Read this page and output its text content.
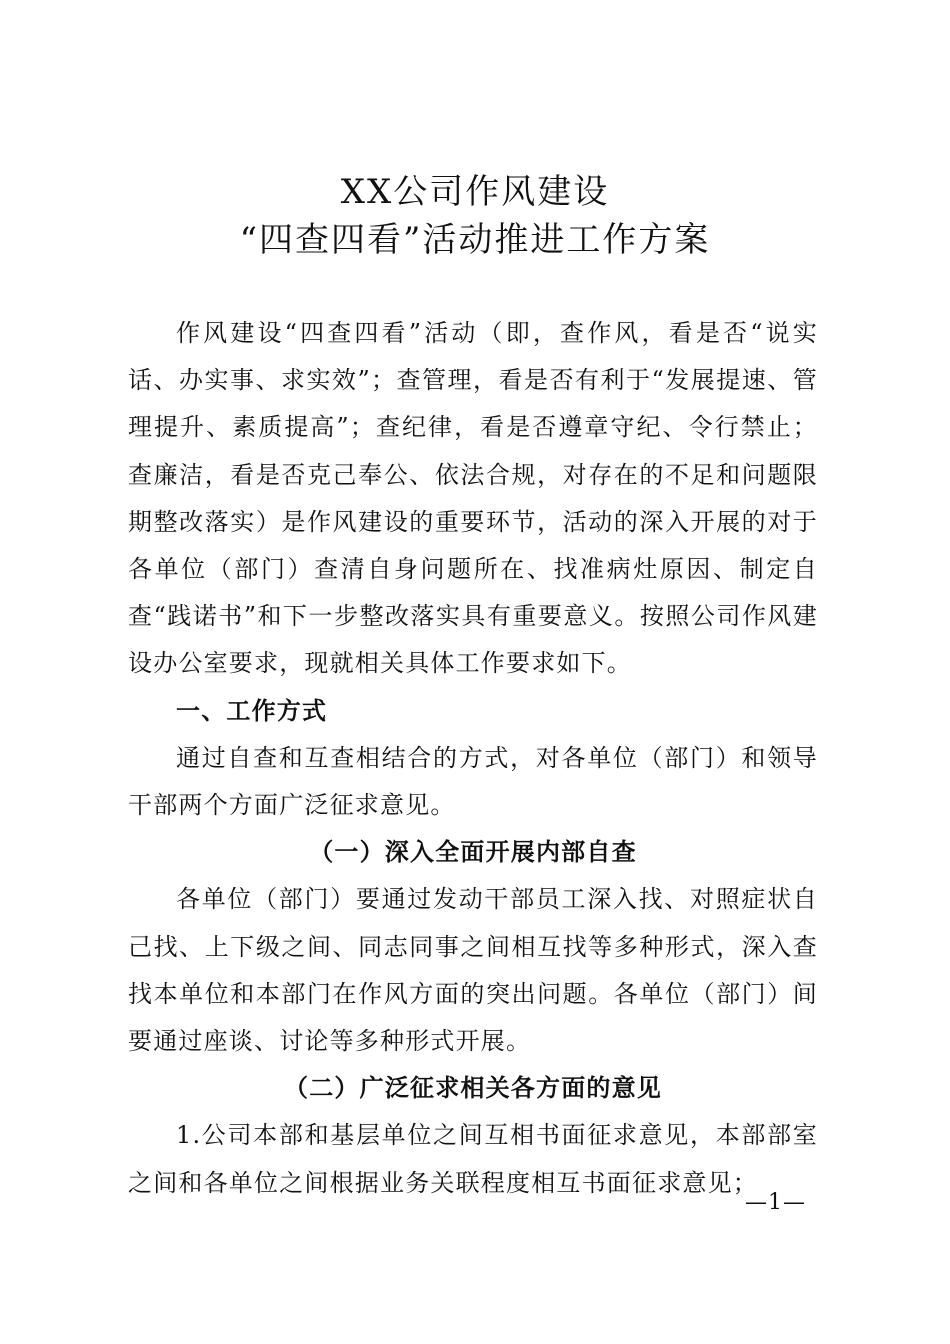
XX公司作风建设
“四查四看”活动推进工作方案

作风建设“四查四看”活动（即，查作风，看是否“说实话、办实事、求实效”；查管理，看是否有利于“发展提速、管理提升、素质提高”；查纪律，看是否遵章守纪、令行禁止；查廉洁，看是否克己奉公、依法合规，对存在的不足和问题限期整改落实）是作风建设的重要环节，活动的深入开展的对于各单位（部门）查清自身问题所在、找准病灶原因、制定自查“践诺书”和下一步整改落实具有重要意义。按照公司作风建设办公室要求，现就相关具体工作要求如下。

一、工作方式

通过自查和互查相结合的方式，对各单位（部门）和领导干部两个方面广泛征求意见。

（一）深入全面开展内部自查

各单位（部门）要通过发动干部员工深入找、对照症状自己找、上下级之间、同志同事之间相互找等多种形式，深入查找本单位和本部门在作风方面的突出问题。各单位（部门）间要通过座谈、讨论等多种形式开展。

（二）广泛征求相关各方面的意见

1.公司本部和基层单位之间互相书面征求意见，本部部室之间和各单位之间根据业务关联程度相互书面征求意见；

—1—
